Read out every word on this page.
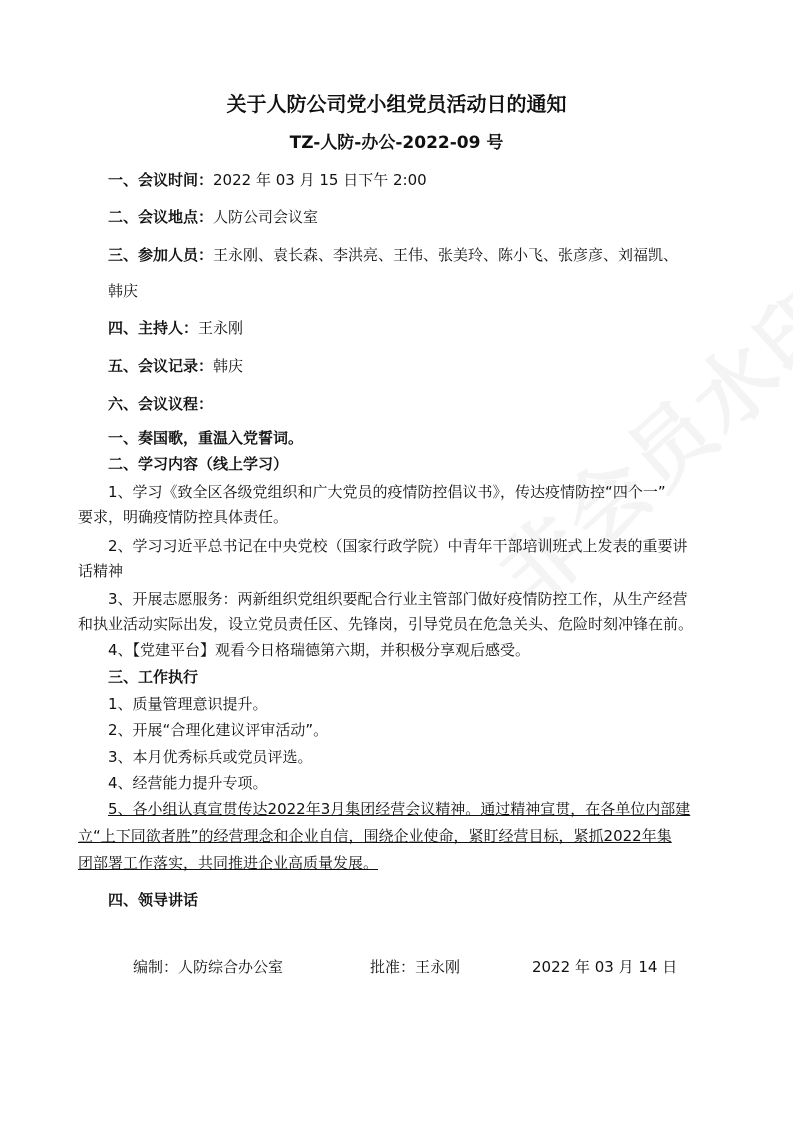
关于人防公司党小组党员活动日的通知
TZ-人防-办公-2022-09 号
一、会议时间：2022 年 03 月 15 日下午 2:00
二、会议地点：人防公司会议室
三、参加人员：王永刚、袁长森、李洪亮、王伟、张美玲、陈小飞、张彦彦、刘福凯、
韩庆
四、主持人：王永刚
五、会议记录：韩庆
六、会议议程：
一、奏国歌，重温入党誓词。
二、学习内容（线上学习）
1、学习《致全区各级党组织和广大党员的疫情防控倡议书》，传达疫情防控“四个一”
要求，明确疫情防控具体责任。
2、学习习近平总书记在中央党校（国家行政学院）中青年干部培训班式上发表的重要讲
话精神
3、开展志愿服务：两新组织党组织要配合行业主管部门做好疫情防控工作，从生产经营
和执业活动实际出发，设立党员责任区、先锋岗，引导党员在危急关头、危险时刻冲锋在前。
4、【党建平台】观看今日格瑞德第六期，并积极分享观后感受。
三、工作执行
1、质量管理意识提升。
2、开展“合理化建议评审活动”。
3、本月优秀标兵或党员评选。
4、经营能力提升专项。
5、各小组认真宣贯传达2022年3月集团经营会议精神。通过精神宣贯，在各单位内部建
立“上下同欲者胜”的经营理念和企业自信，围绕企业使命，紧盯经营目标，紧抓2022年集
团部署工作落实，共同推进企业高质量发展。
四、领导讲话
编制：人防综合办公室	批准：王永刚	2022 年 03 月 14 日
